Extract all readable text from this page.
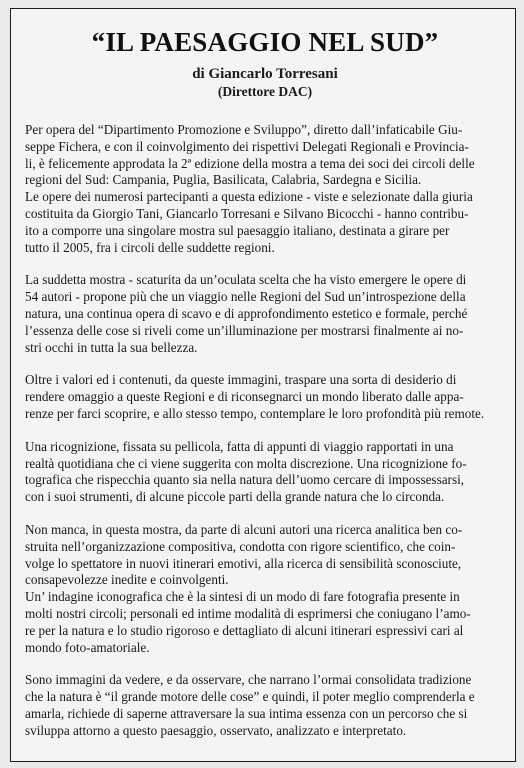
“IL PAESAGGIO NEL SUD”
di Giancarlo Torresani
(Direttore DAC)

Per opera del “Dipartimento Promozione e Sviluppo”, diretto dall’infaticabile Giu-
seppe Fichera, e con il coinvolgimento dei rispettivi Delegati Regionali e Provincia-
li, è felicemente approdata la 2ª edizione della mostra a tema dei soci dei circoli delle
regioni del Sud: Campania, Puglia, Basilicata, Calabria, Sardegna e Sicilia.

Le opere dei numerosi partecipanti a questa edizione - viste e selezionate dalla giuria
costituita da Giorgio Tani, Giancarlo Torresani e Silvano Bicocchi - hanno contribu-
ito a comporre una singolare mostra sul paesaggio italiano, destinata a girare per
tutto il 2005, fra i circoli delle suddette regioni.

La suddetta mostra - scaturita da un’oculata scelta che ha visto emergere le opere di
54 autori - propone più che un viaggio nelle Regioni del Sud un’introspezione della
natura, una continua opera di scavo e di approfondimento estetico e formale, perché
l’essenza delle cose si riveli come un’illuminazione per mostrarsi finalmente ai no-
stri occhi in tutta la sua bellezza.

Oltre i valori ed i contenuti, da queste immagini, traspare una sorta di desiderio di
rendere omaggio a queste Regioni e di riconsegnarci un mondo liberato dalle appa-
renze per farci scoprire, e allo stesso tempo, contemplare le loro profondità più remote.

Una ricognizione, fissata su pellicola, fatta di appunti di viaggio rapportati in una
realtà quotidiana che ci viene suggerita con molta discrezione. Una ricognizione fo-
tografica che rispecchia quanto sia nella natura dell’uomo cercare di impossessarsi,
con i suoi strumenti, di alcune piccole parti della grande natura che lo circonda.

Non manca, in questa mostra, da parte di alcuni autori una ricerca analitica ben co-
struita nell’organizzazione compositiva, condotta con rigore scientifico, che coin-
volge lo spettatore in nuovi itinerari emotivi, alla ricerca di sensibilità sconosciute,
consapevolezze inedite e coinvolgenti.

Un’ indagine iconografica che è la sintesi di un modo di fare fotografia presente in
molti nostri circoli; personali ed intime modalità di esprimersi che coniugano l’amo-
re per la natura e lo studio rigoroso e dettagliato di alcuni itinerari espressivi cari al
mondo foto-amatoriale.

Sono immagini da vedere, e da osservare, che narrano l’ormai consolidata tradizione
che la natura è “il grande motore delle cose” e quindi, il poter meglio comprenderla e
amarla, richiede di saperne attraversare la sua intima essenza con un percorso che si
sviluppa attorno a questo paesaggio, osservato, analizzato e interpretato.
